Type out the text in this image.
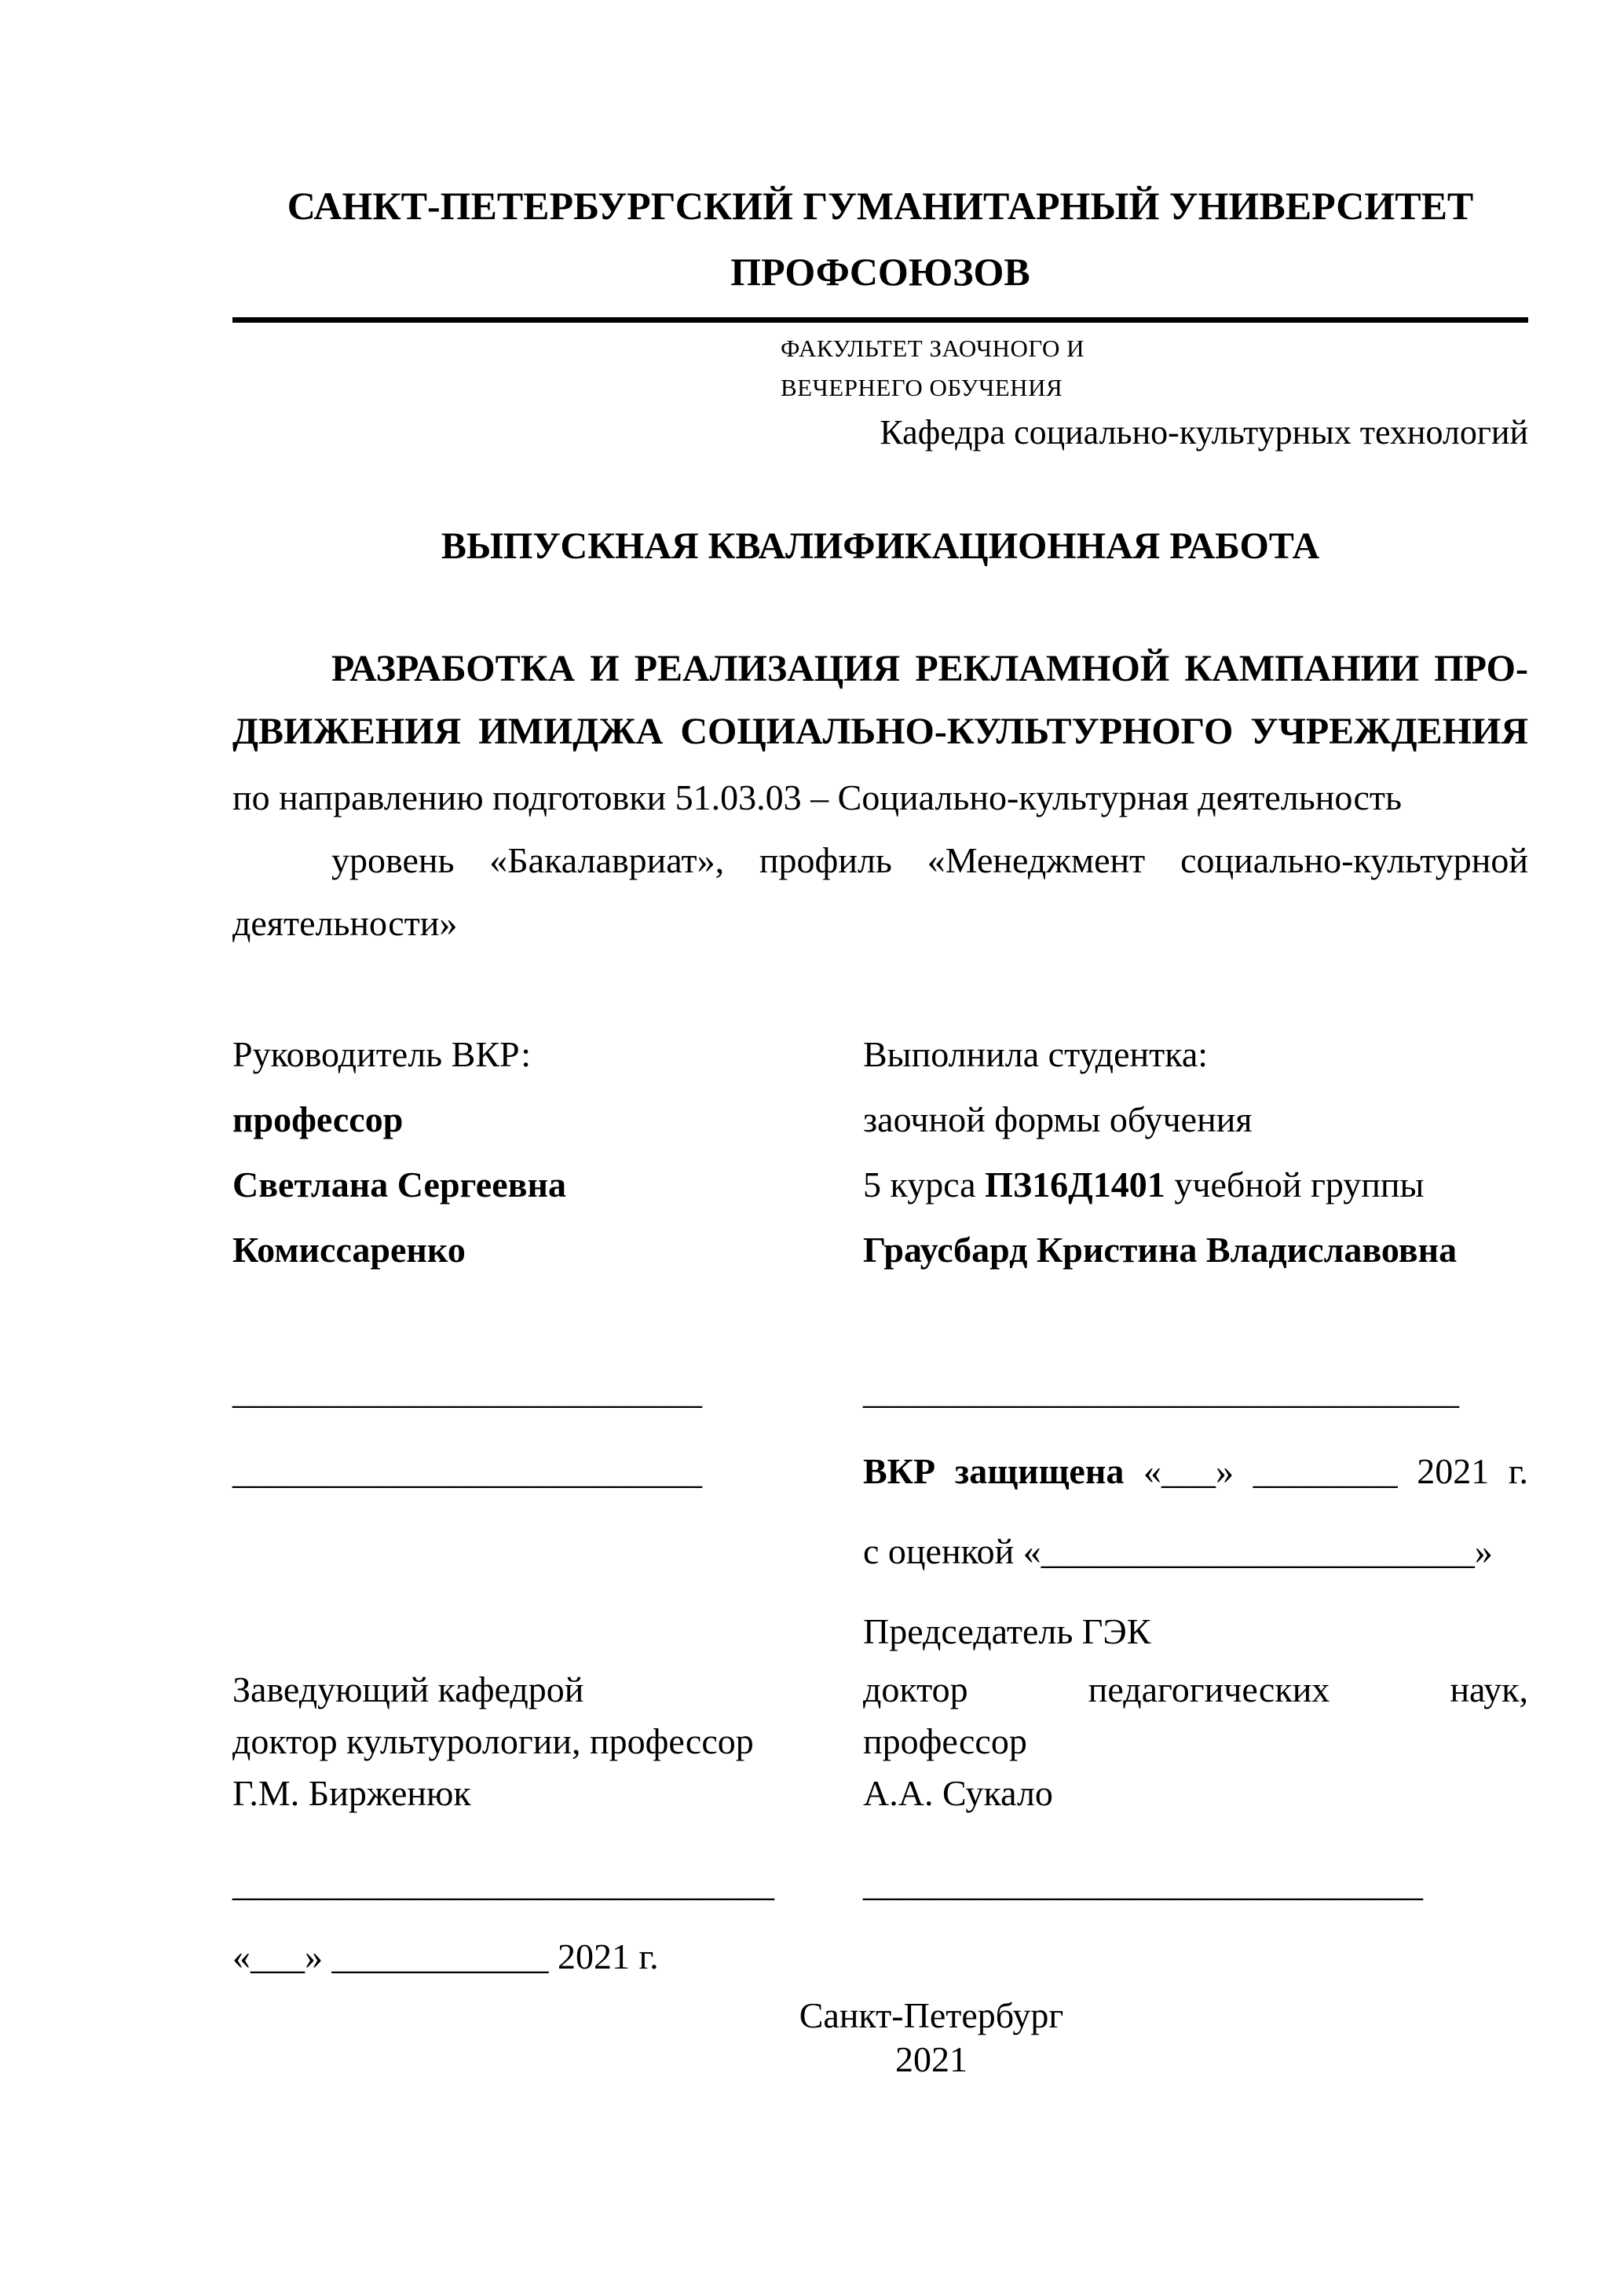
САНКТ-ПЕТЕРБУРГСКИЙ ГУМАНИТАРНЫЙ УНИВЕРСИТЕТ
ПРОФСОЮЗОВ
ФАКУЛЬТЕТ ЗАОЧНОГО И
ВЕЧЕРНЕГО ОБУЧЕНИЯ
Кафедра социально-культурных технологий
ВЫПУСКНАЯ КВАЛИФИКАЦИОННАЯ РАБОТА
РАЗРАБОТКА И РЕАЛИЗАЦИЯ РЕКЛАМНОЙ КАМПАНИИ ПРО-
ДВИЖЕНИЯ ИМИДЖА СОЦИАЛЬНО-КУЛЬТУРНОГО УЧРЕЖДЕНИЯ
по направлению подготовки 51.03.03 – Социально-культурная деятельность
уровень «Бакалавриат», профиль «Менеджмент социально-культурной
деятельности»
Руководитель ВКР:	Выполнила студентка:
профессор	заочной формы обучения
Светлана Сергеевна	5 курса ПЗ16Д1401 учебной группы
Комиссаренко	Граусбард Кристина Владиславовна
__________________________	_________________________________
__________________________	ВКР защищена «___» ________ 2021 г.
с оценкой «________________________»
Председатель ГЭК
Заведующий кафедрой	доктор педагогических наук,
доктор культурологии, профессор	профессор
Г.М. Бирженюк	А.А. Сукало
______________________________	_______________________________
«___» ____________ 2021 г.
Санкт-Петербург
2021
